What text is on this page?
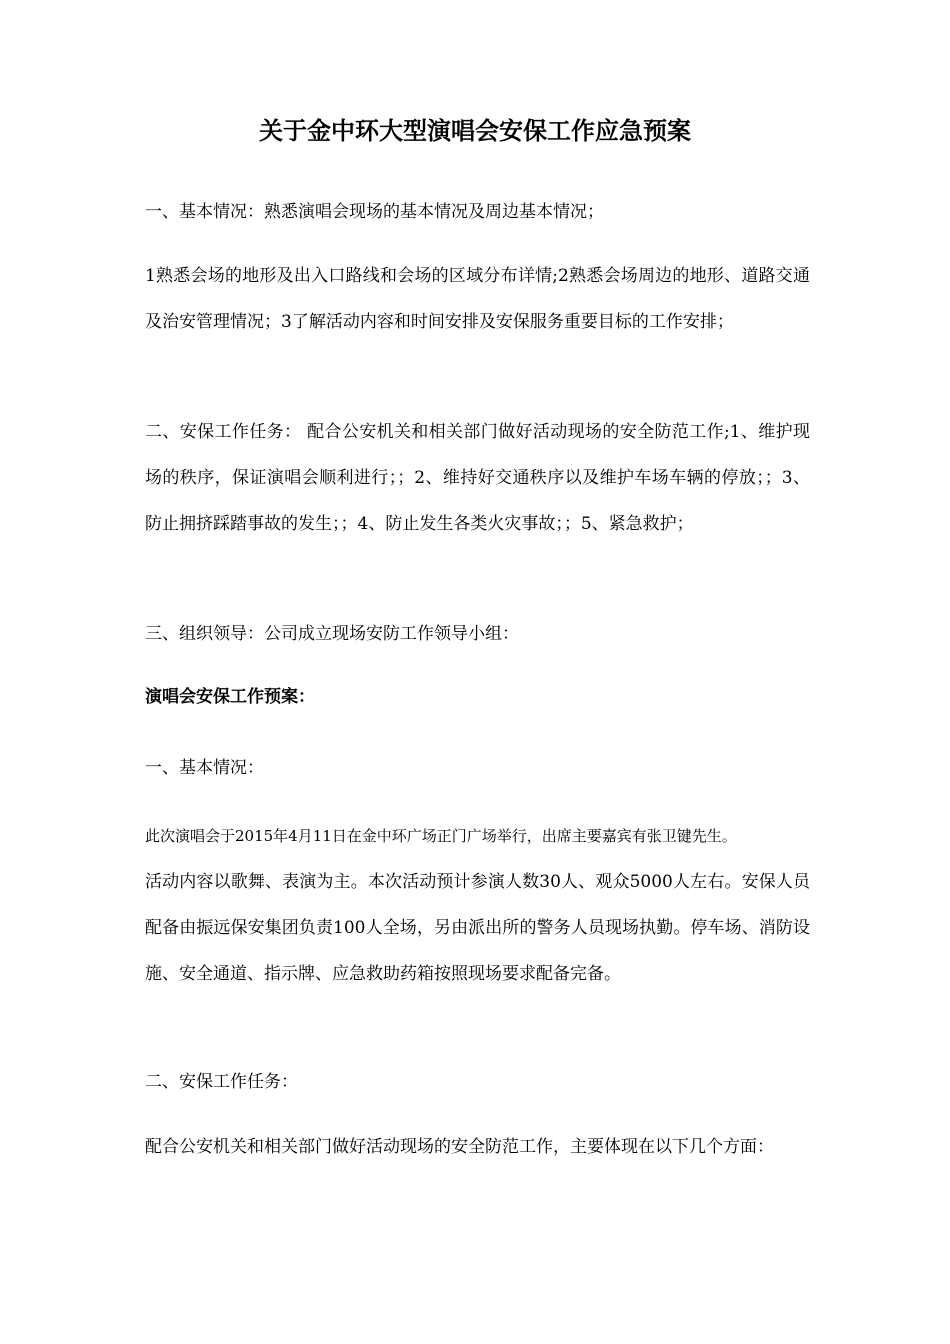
关于金中环大型演唱会安保工作应急预案

一、基本情况：熟悉演唱会现场的基本情况及周边基本情况；

1熟悉会场的地形及出入口路线和会场的区域分布详情;2熟悉会场周边的地形、道路交通及治安管理情况；3了解活动内容和时间安排及安保服务重要目标的工作安排；

二、安保工作任务： 配合公安机关和相关部门做好活动现场的安全防范工作;1、维护现场的秩序，保证演唱会顺利进行；；2、维持好交通秩序以及维护车场车辆的停放；；3、防止拥挤踩踏事故的发生；；4、防止发生各类火灾事故；；5、紧急救护；

三、组织领导：公司成立现场安防工作领导小组：

演唱会安保工作预案：

一、基本情况：

此次演唱会于2015年4月11日在金中环广场正门广场举行，出席主要嘉宾有张卫键先生。
活动内容以歌舞、表演为主。本次活动预计参演人数30人、观众5000人左右。安保人员配备由振远保安集团负责100人全场，另由派出所的警务人员现场执勤。停车场、消防设施、安全通道、指示牌、应急救助药箱按照现场要求配备完备。

二、安保工作任务：

配合公安机关和相关部门做好活动现场的安全防范工作，主要体现在以下几个方面：
